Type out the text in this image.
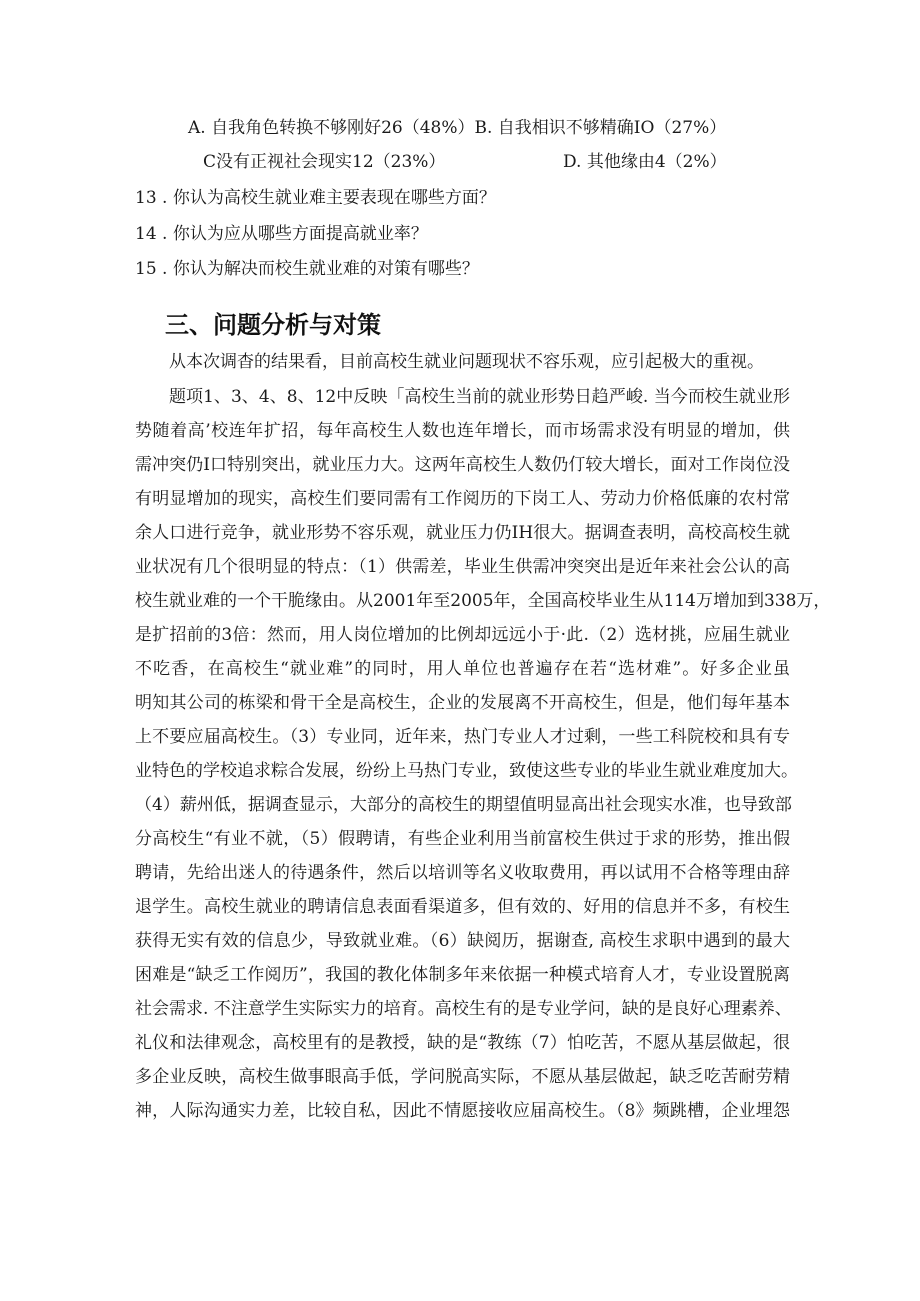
A. 自我角色转换不够刚好26（48%）B. 自我相识不够精确IO（27%）
C没有正视社会现实12（23%）	D. 其他缘由4（2%）
13 . 你认为高校生就业难主要表现在哪些方面？
14 . 你认为应从哪些方面提高就业率？
15 . 你认为解决而校生就业难的对策有哪些？
三、问题分析与对策
从本次调杳的结果看，目前高校生就业问题现状不容乐观，应引起极大的重视。
题项1、3、4、8、12中反映「高校生当前的就业形势日趋严峻. 当今而校生就业形
势随着高’校连年扩招，每年高校生人数也连年增长，而市场需求没有明显的增加，供
需冲突仍I口特别突出，就业压力大。这两年高校生人数仍仃较大增长，面对工作岗位没
有明显增加的现实，高校生们要同需有工作阅历的下岗工人、劳动力价格低廉的农村常
余人口进行竞争，就业形势不容乐观，就业压力仍IH很大。据调查表明，高校高校生就
业状况有几个很明显的特点：（1）供需差，毕业生供需冲突突出是近年来社会公认的高
校生就业难的一个干脆缘由。从2001年至2005年，全国高校毕业生从114万增加到338万，
是扩招前的3倍：然而，用人岗位增加的比例却远远小于·此.（2）选材挑，应届生就业
不吃香，在高校生“就业难”的同时，用人单位也普遍存在若“选材难”。好多企业虽
明知其公司的栋梁和骨干全是高校生，企业的发展离不开高校生，但是，他们每年基本
上不要应届高校生。（3）专业同，近年来，热门专业人才过剩，一些工科院校和具有专
业特色的学校追求粽合发展，纷纷上马热门专业，致使这些专业的毕业生就业难度加大。
（4）薪州低，据调查显示，大部分的高校生的期望值明显高出社会现实水准，也导致部
分高校生“有业不就，（5）假聘请，有些企业利用当前富校生供过于求的形势，推出假
聘请，先给出迷人的待遇条件，然后以培训等名义收取费用，再以试用不合格等理由辞
退学生。高校生就业的聘请信息表面看渠道多，但有效的、好用的信息并不多，有校生
获得无实有效的信息少，导致就业难。（6）缺阅历，据谢查, 高校生求职中遇到的最大
困难是“缺乏工作阅历”，我国的教化体制多年来依据一种模式培育人才，专业设置脱离
社会需求. 不注意学生实际实力的培育。高校生有的是专业学问，缺的是良好心理素养、
礼仪和法律观念，高校里有的是教授，缺的是“教练（7）怕吃苦，不愿从基层做起，很
多企业反映，高校生做事眼高手低，学问脱高实际，不愿从基层做起，缺乏吃苦耐劳精
神，人际沟通实力差，比较自私，因此不情愿接收应届高校生。（8》频跳槽，企业埋怨
